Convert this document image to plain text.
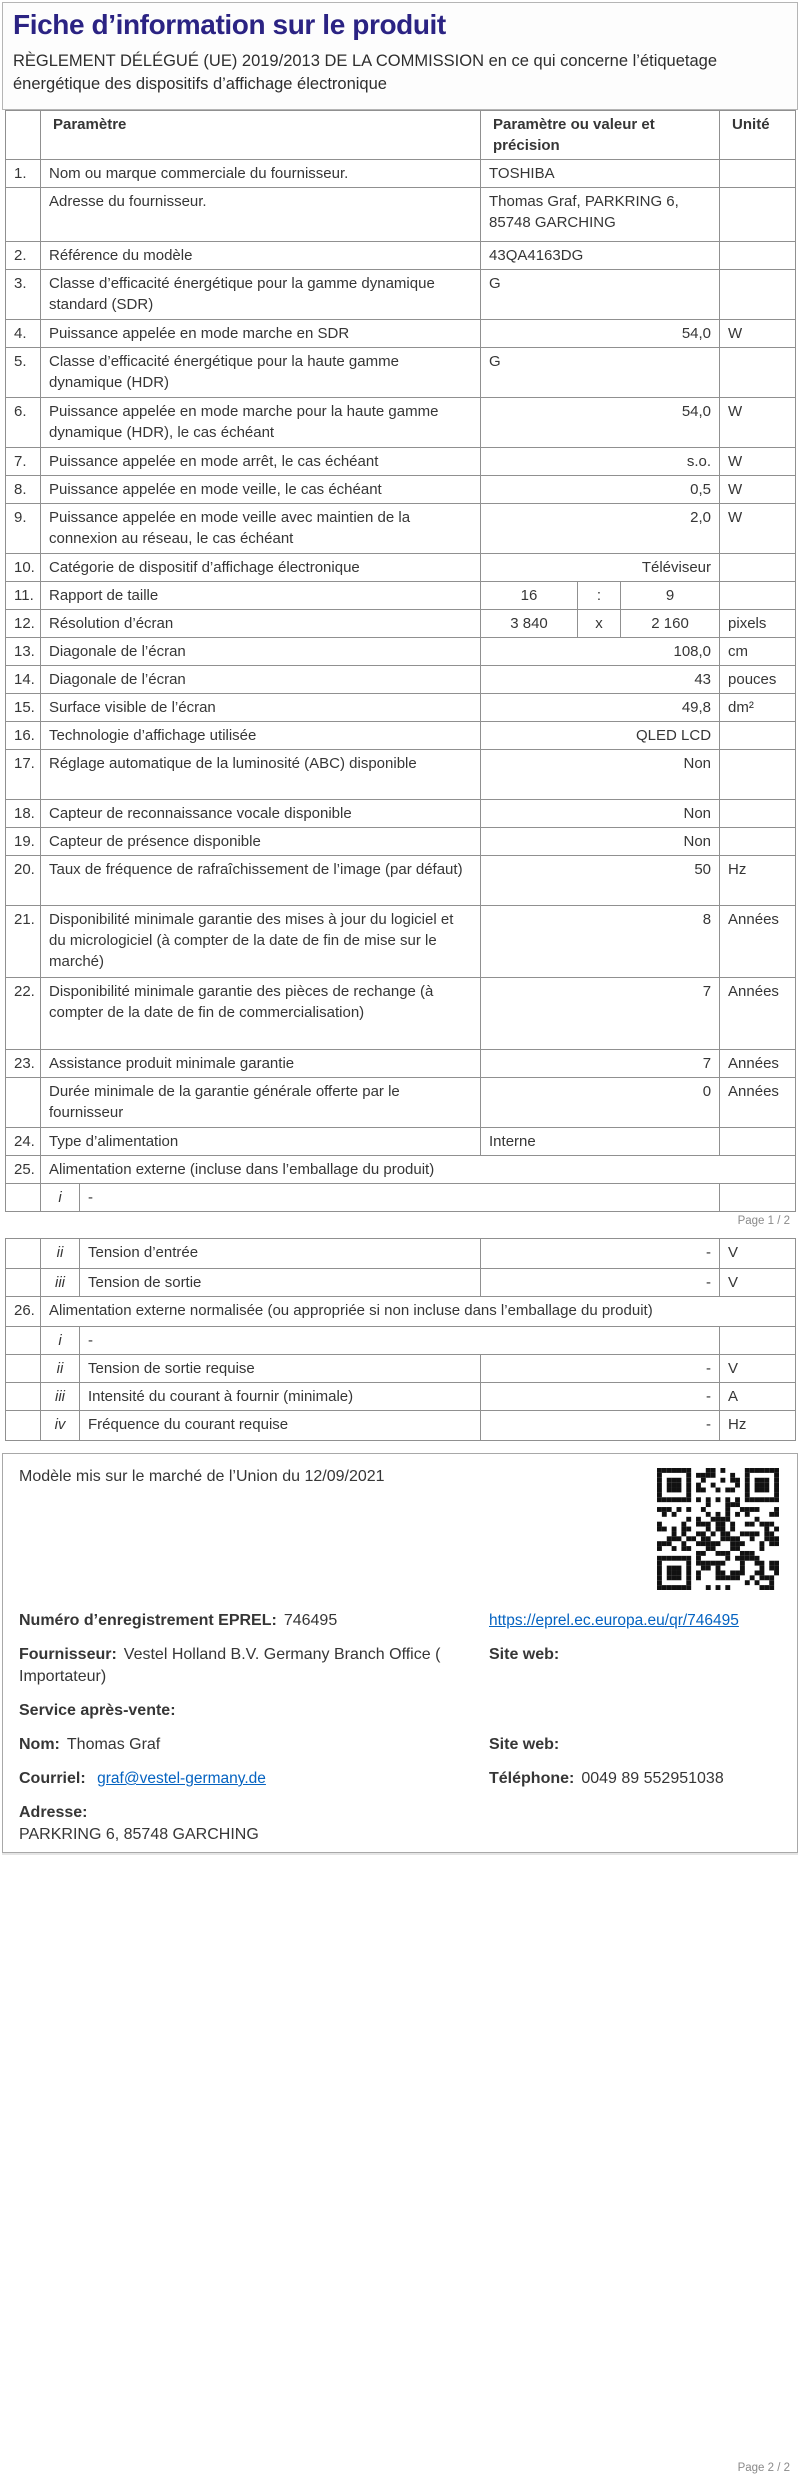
Fiche d’information sur le produit
RÈGLEMENT DÉLÉGUÉ (UE) 2019/2013 DE LA COMMISSION en ce qui concerne l’étiquetage énergétique des dispositifs d’affichage électronique
	Paramètre		Paramètre ou valeur et précision			Unité
1.	Nom ou marque commerciale du fournisseur.		TOSHIBA			
	Adresse du fournisseur.		Thomas Graf, PARKRING 6, 85748 GARCHING			
2.	Référence du modèle		43QA4163DG			
3.	Classe d’efficacité énergétique pour la gamme dynamique standard (SDR)		G			
4.	Puissance appelée en mode marche en SDR		54,0			W
5.	Classe d’efficacité énergétique pour la haute gamme dynamique (HDR)		G			
6.	Puissance appelée en mode marche pour la haute gamme dynamique (HDR), le cas échéant		54,0			W
7.	Puissance appelée en mode arrêt, le cas échéant		s.o.			W
8.	Puissance appelée en mode veille, le cas échéant		0,5			W
9.	Puissance appelée en mode veille avec maintien de la connexion au réseau, le cas échéant		2,0			W
10.	Catégorie de dispositif d’affichage électronique		Téléviseur			
11.	Rapport de taille		16	:	9	
12.	Résolution d’écran		3 840	x	2 160	pixels
13.	Diagonale de l’écran		108,0			cm
14.	Diagonale de l’écran		43			pouces
15.	Surface visible de l’écran		49,8			dm²
16.	Technologie d’affichage utilisée		QLED LCD			
17.	Réglage automatique de la luminosité (ABC) disponible		Non			
18.	Capteur de reconnaissance vocale disponible		Non			
19.	Capteur de présence disponible		Non			
20.	Taux de fréquence de rafraîchissement de l’image (par défaut)		50			Hz
21.	Disponibilité minimale garantie des mises à jour du logiciel et du micrologiciel (à compter de la date de fin de mise sur le marché)		8			Années
22.	Disponibilité minimale garantie des pièces de rechange (à compter de la date de fin de commercialisation)		7			Années
23.	Assistance produit minimale garantie		7			Années
	Durée minimale de la garantie générale offerte par le fournisseur		0			Années
24.	Type d’alimentation		Interne			
25.	Alimentation externe (incluse dans l’emballage du produit)					
	i	-				
Page 1 / 2
	ii	Tension d’entrée	-	V
	iii	Tension de sortie	-	V
26.	Alimentation externe normalisée (ou appropriée si non incluse dans l’emballage du produit)			
	i	-		
	ii	Tension de sortie requise	-	V
	iii	Intensité du courant à fournir (minimale)	-	A
	iv	Fréquence du courant requise	-	Hz
Modèle mis sur le marché de l’Union du 12/09/2021
Numéro d’enregistrement EPREL: 746495	https://eprel.ec.europa.eu/qr/746495
Fournisseur: Vestel Holland B.V. Germany Branch Office ( Importateur)
Site web:
Service après-vente:
Nom: Thomas Graf	Site web:
Courriel: graf@vestel-germany.de	Téléphone: 0049 89 552951038
Adresse:
PARKRING 6, 85748 GARCHING
Page 2 / 2
